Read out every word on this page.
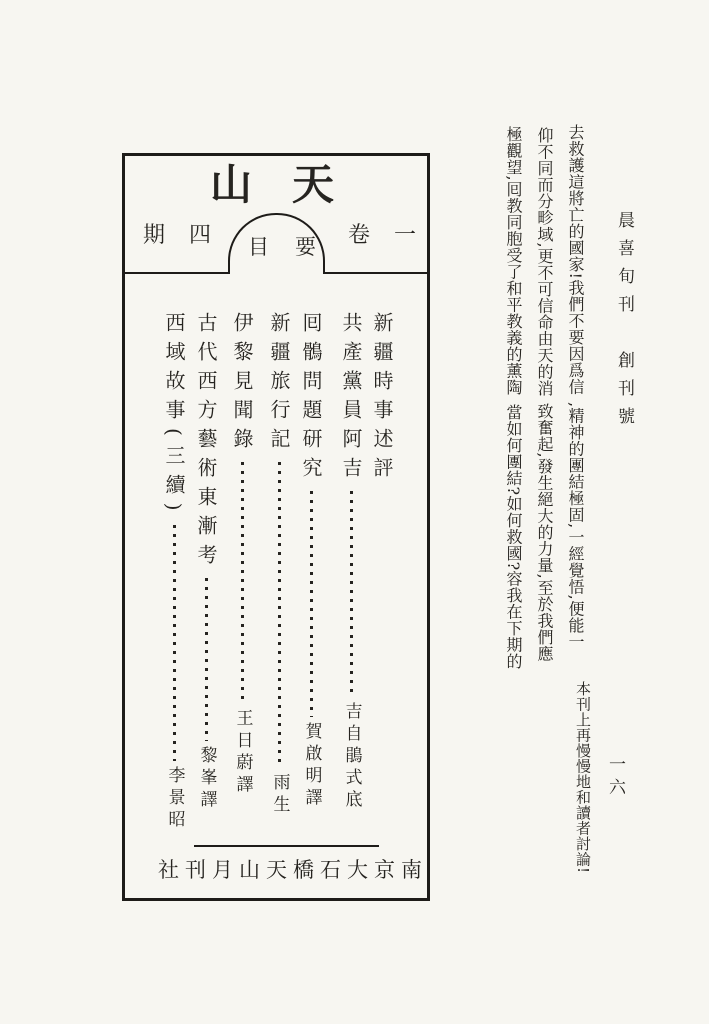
山天
目要 卷一
期四
新疆時事述評
共產黨員阿吉
吉自鵑式底
囘鶻問題研究
賀啟明譯
新疆旅行記
雨生
伊黎見聞錄
王日蔚譯
古代西方藝術東漸考
黎峯譯
西域故事(三續)
李景昭
社刊月山天橋石大京南
晨喜旬刊 創刊號
一六
去救護這將亡的國家!我們不要因爲信
仰不同而分畛域,更不可信命由天的消
極觀望,囘教同胞受了和平教義的薰陶
,精神的團結極固,一經覺悟,便能一
致奮起,發生絕大的力量,至於我們應
當如何團結?如何救國?容我在下期的
本刊上再慢慢地和讀者討論!
